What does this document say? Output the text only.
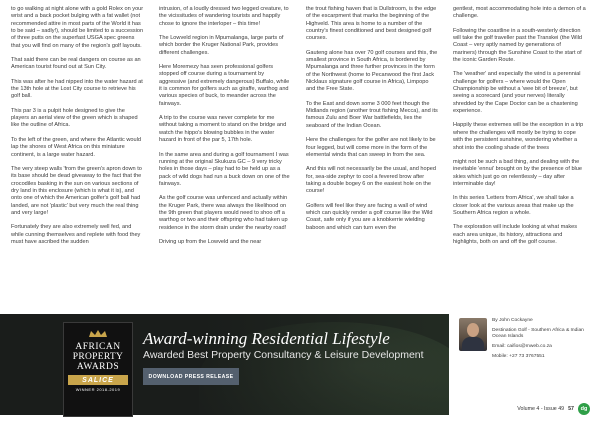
to go walking at night alone with a gold Rolex on your wrist and a back pocket bulging with a fat wallet (not recommended attire in most parts of the World it has to be said – sadly!), should be limited to a succession of three putts on the superfast USGA spec greens that you will find on many of the region's golf layouts.

That said there can be real dangers on course as an American tourist found out at Sun City.

This was after he had nipped into the water hazard at the 13th hole at the Lost City course to retrieve his golf ball.

This par 3 is a pulpit hole designed to give the players an aerial view of the green which is shaped like the outline of Africa.

To the left of the green, and where the Atlantic would lap the shores of West Africa on this miniature continent, is a large water hazard.

The very steep walls 'from the green's apron down to its base should be dead giveaway to the fact that the crocodiles basking in the sun on various sections of dry land in this enclosure (which is what it is), and onto one of which the American golfer's golf ball had landed, are not 'plastic' but very much the real thing and very large!

Fortunately they are also extremely well fed, and while cunning themselves and replete with food they must have ascribed the sudden

intrusion, of a loudly dressed two legged creature, to the vicissitudes of wandering tourists and happily chose to ignore the interloper – this time!

The Lowveld region in Mpumalanga, large parts of which border the Kruger National Park, provides different challenges.

Here Moremezy has seen professional golfers stopped off course during a tournament by aggressive (and extremely dangerous) Buffalo, while it is common for golfers such as giraffe, warthog and various species of buck, to meander across the fairways.

A trip to the course was never complete for me without taking a moment to stand on the bridge and watch the hippo's blowing bubbles in the water hazard in front of the par 5, 17th hole.

In the same area and during a golf tournament I was running at the original Skukuza GC – 9 very tricky holes in those days – play had to be held up as a pack of wild dogs had run a buck down on one of the fairways.

As the golf course was unfenced and actually within the Kruger Park, there was always the likelihood on the 9th green that players would need to shoo off a warthog or two and their offspring who had taken up residence in the storm drain under the nearby road!

Driving up from the Lowveld and the near

the trout fishing haven that is Dullstroom, is the edge of the escarpment that marks the beginning of the Highveld. This area is home to a number of the country's finest conditioned and best designed golf courses.

Gauteng alone has over 70 golf courses and this, the smallest province in South Africa, is bordered by Mpumalanga and three further provinces in the form of the Northwest (home to Pecanwood the first Jack Nicklaus signature golf course in Africa), Limpopo and the Free State.

To the East and down some 3 000 feet though the Midlands region (another trout fishing Mecca), and its famous Zulu and Boer War battlefields, lies the seaboard of the Indian Ocean.

Here the challenges for the golfer are not likely to be four legged, but will come more in the form of the elemental winds that can sweep in from the sea.

And this will not necessarily be the usual, and hoped for, sea-side zephyr to cool a fevered brow after taking a double bogey 6 on the easiest hole on the course!

Golfers will feel like they are facing a wall of wind which can quickly render a golf course like the Wild Coast, safe only if you are a knobkerrie wielding baboon and which can turn even the

gentlest, most accommodating hole into a demon of a challenge.

Following the coastline in a south-westerly direction will take the golf traveller past the Transkei (the Wild Coast – very aptly named by generations of mariners) through the Sunshine Coast to the start of the iconic Garden Route.

The 'weather' and especially the wind is a perennial challenge for golfers – where would the Open Championship be without a 'wee bit of breeze', but seeing a scorecard (and your nerves) literally shredded by the Cape Doctor can be a chastening experience.

Happily these extremes will be the exception in a trip where the challenges will mostly be trying to cope with the persistent sunshine, wondering whether a shot into the cooling shade of the trees

might not be such a bad thing, and dealing with the inevitable 'ennui' brought on by the presence of blue skies which just go on relentlessly – day after interminable day!

In this series 'Letters from Africa', we shall take a closer look at the various areas that make up the Southern Africa region a whole.

The exploration will include looking at what makes each area unique, its history, attractions and highlights, both on and off the golf course.

AFRICAN
PROPERTY
AWARDS
SALICE
WINNER 2018-2019
Award-winning Residential Lifestyle
Awarded Best Property Consultancy & Leisure Development
DOWNLOAD PRESS RELEASE
By John Cockayne
Destination Golf - Southern Africa & Indian Ocean Islands
Email: caifios@mweb.co.za
Mobile: +27 73 3767551
Volume 4 - Issue 49 57	dg
